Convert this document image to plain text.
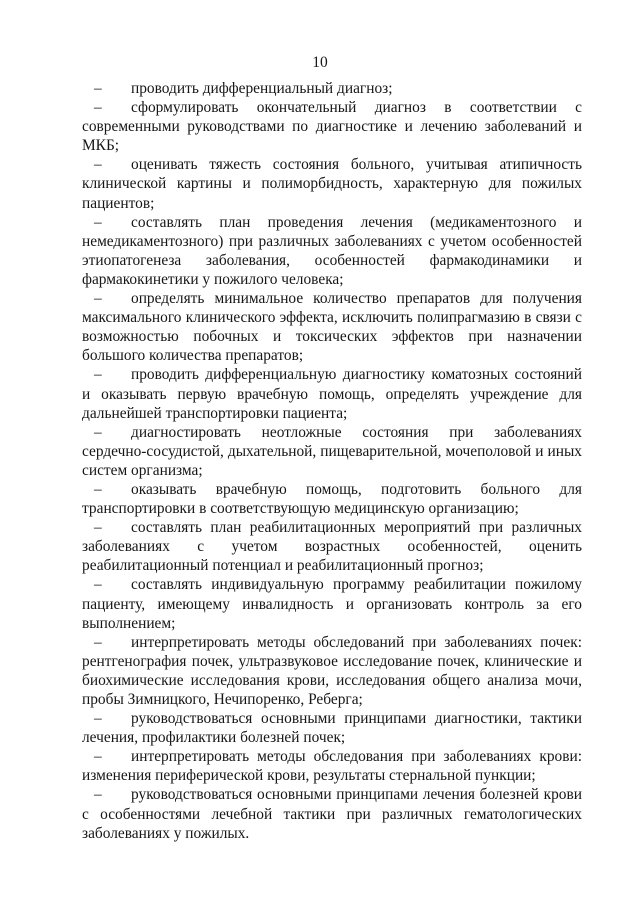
10

– проводить дифференциальный диагноз;

– сформулировать окончательный диагноз в соответствии с современными руководствами по диагностике и лечению заболеваний и МКБ;

– оценивать тяжесть состояния больного, учитывая атипичность клинической картины и полиморбидность, характерную для пожилых пациентов;

– составлять план проведения лечения (медикаментозного и немедикаментозного) при различных заболеваниях с учетом особенностей этиопатогенеза заболевания, особенностей фармакодинамики и фармакокинетики у пожилого человека;

– определять минимальное количество препаратов для получения максимального клинического эффекта, исключить полипрагмазию в связи с возможностью побочных и токсических эффектов при назначении большого количества препаратов;

– проводить дифференциальную диагностику коматозных состояний и оказывать первую врачебную помощь, определять учреждение для дальнейшей транспортировки пациента;

– диагностировать неотложные состояния при заболеваниях сердечно-сосудистой, дыхательной, пищеварительной, мочеполовой и иных систем организма;

– оказывать врачебную помощь, подготовить больного для транспортировки в соответствующую медицинскую организацию;

– составлять план реабилитационных мероприятий при различных заболеваниях с учетом возрастных особенностей, оценить реабилитационный потенциал и реабилитационный прогноз;

– составлять индивидуальную программу реабилитации пожилому пациенту, имеющему инвалидность и организовать контроль за его выполнением;

– интерпретировать методы обследований при заболеваниях почек: рентгенография почек, ультразвуковое исследование почек, клинические и биохимические исследования крови, исследования общего анализа мочи, пробы Зимницкого, Нечипоренко, Реберга;

– руководствоваться основными принципами диагностики, тактики лечения, профилактики болезней почек;

– интерпретировать методы обследования при заболеваниях крови: изменения периферической крови, результаты стернальной пункции;

– руководствоваться основными принципами лечения болезней крови с особенностями лечебной тактики при различных гематологических заболеваниях у пожилых.
